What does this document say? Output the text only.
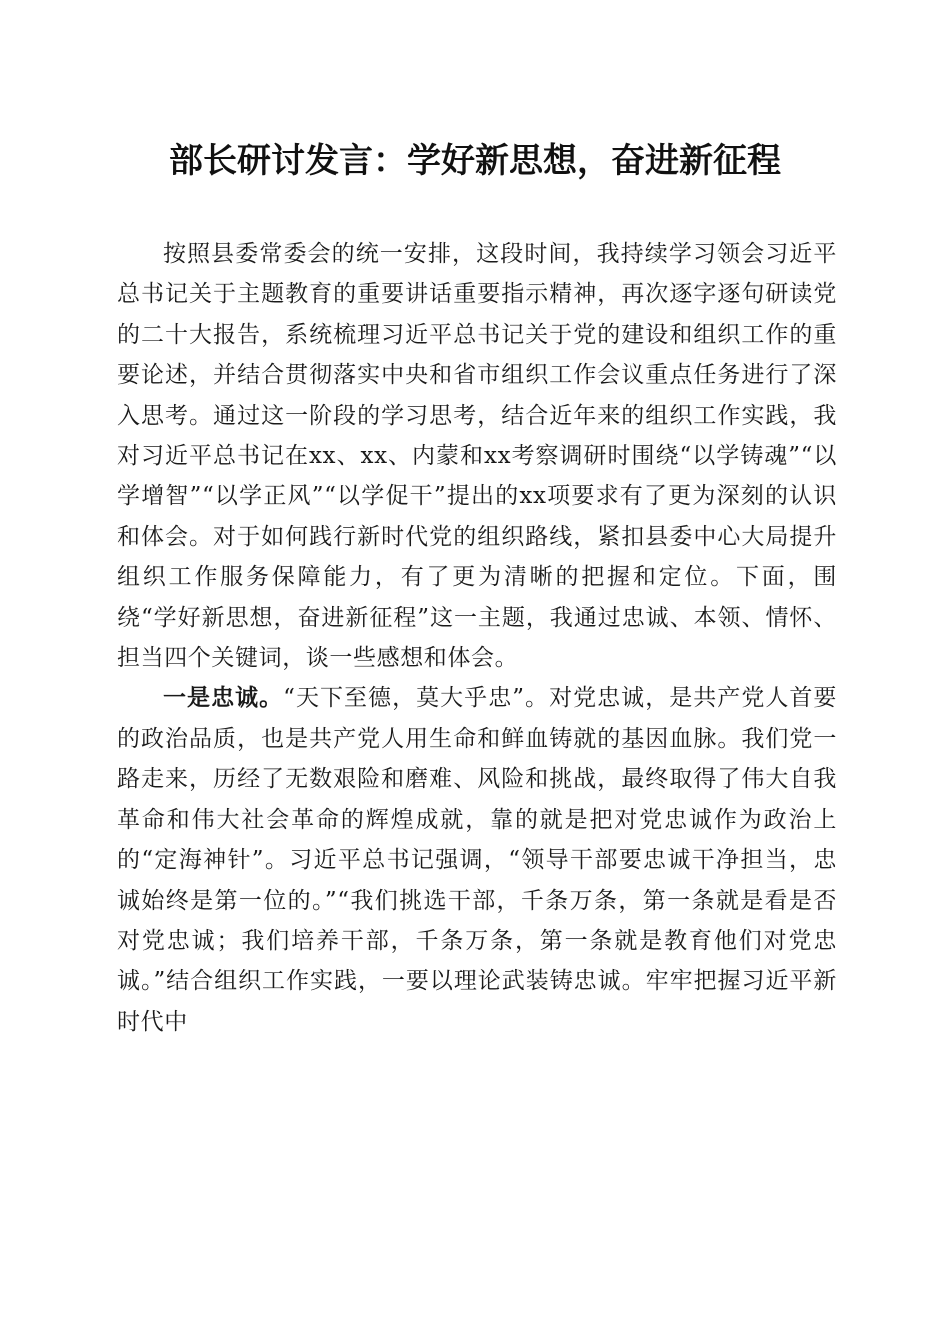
部长研讨发言：学好新思想，奋进新征程

按照县委常委会的统一安排，这段时间，我持续学习领会习近平总书记关于主题教育的重要讲话重要指示精神，再次逐字逐句研读党的二十大报告，系统梳理习近平总书记关于党的建设和组织工作的重要论述，并结合贯彻落实中央和省市组织工作会议重点任务进行了深入思考。通过这一阶段的学习思考，结合近年来的组织工作实践，我对习近平总书记在xx、xx、内蒙和xx考察调研时围绕“以学铸魂”“以学增智”“以学正风”“以学促干”提出的xx项要求有了更为深刻的认识和体会。对于如何践行新时代党的组织路线，紧扣县委中心大局提升组织工作服务保障能力，有了更为清晰的把握和定位。下面，围绕“学好新思想，奋进新征程”这一主题，我通过忠诚、本领、情怀、担当四个关键词，谈一些感想和体会。

一是忠诚。“天下至德，莫大乎忠”。对党忠诚，是共产党人首要的政治品质，也是共产党人用生命和鲜血铸就的基因血脉。我们党一路走来，历经了无数艰险和磨难、风险和挑战，最终取得了伟大自我革命和伟大社会革命的辉煌成就，靠的就是把对党忠诚作为政治上的“定海神针”。习近平总书记强调，“领导干部要忠诚干净担当，忠诚始终是第一位的。”“我们挑选干部，千条万条，第一条就是看是否对党忠诚；我们培养干部，千条万条，第一条就是教育他们对党忠诚。”结合组织工作实践，一要以理论武装铸忠诚。牢牢把握习近平新时代中
